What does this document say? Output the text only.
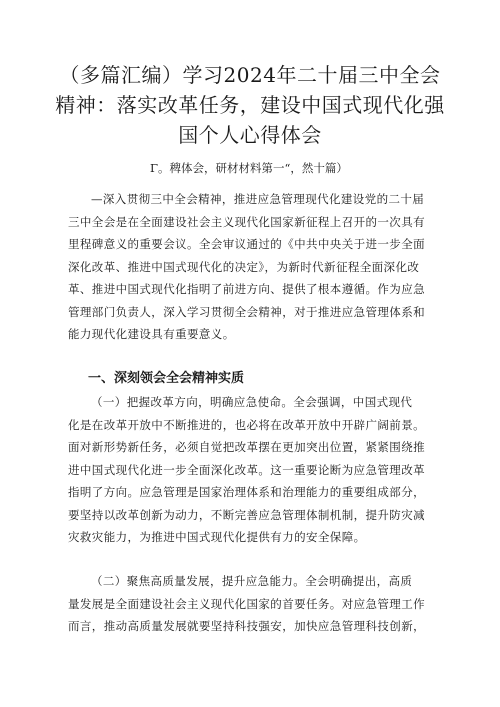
（多篇汇编）学习2024年二十届三中全会
精神：落实改革任务，建设中国式现代化强
国个人心得体会
Γ。稗体会，研材材料第一“，然十篇）
—深入贯彻三中全会精神，推进应急管理现代化建设党的二十届
三中全会是在全面建设社会主义现代化国家新征程上召开的一次具有
里程碑意义的重要会议。全会审议通过的《中共中央关于进一步全面
深化改革、推进中国式现代化的决定》，为新时代新征程全面深化改
革、推进中国式现代化指明了前进方向、提供了根本遵循。作为应急
管理部门负责人，深入学习贯彻全会精神，对于推进应急管理体系和
能力现代化建设具有重要意义。
一、深刻领会全会精神实质
（一）把握改革方向，明确应急使命。全会强调，中国式现代
化是在改革开放中不断推进的，也必将在改革开放中开辟广阔前景。
面对新形势新任务，必须自觉把改革摆在更加突出位置，紧紧围绕推
进中国式现代化进一步全面深化改革。这一重要论断为应急管理改革
指明了方向。应急管理是国家治理体系和治理能力的重要组成部分，
要坚持以改革创新为动力，不断完善应急管理体制机制，提升防灾减
灾救灾能力，为推进中国式现代化提供有力的安全保障。
（二）聚焦高质量发展，提升应急能力。全会明确提出，高质
量发展是全面建设社会主义现代化国家的首要任务。对应急管理工作
而言，推动高质量发展就要坚持科技强安，加快应急管理科技创新，
